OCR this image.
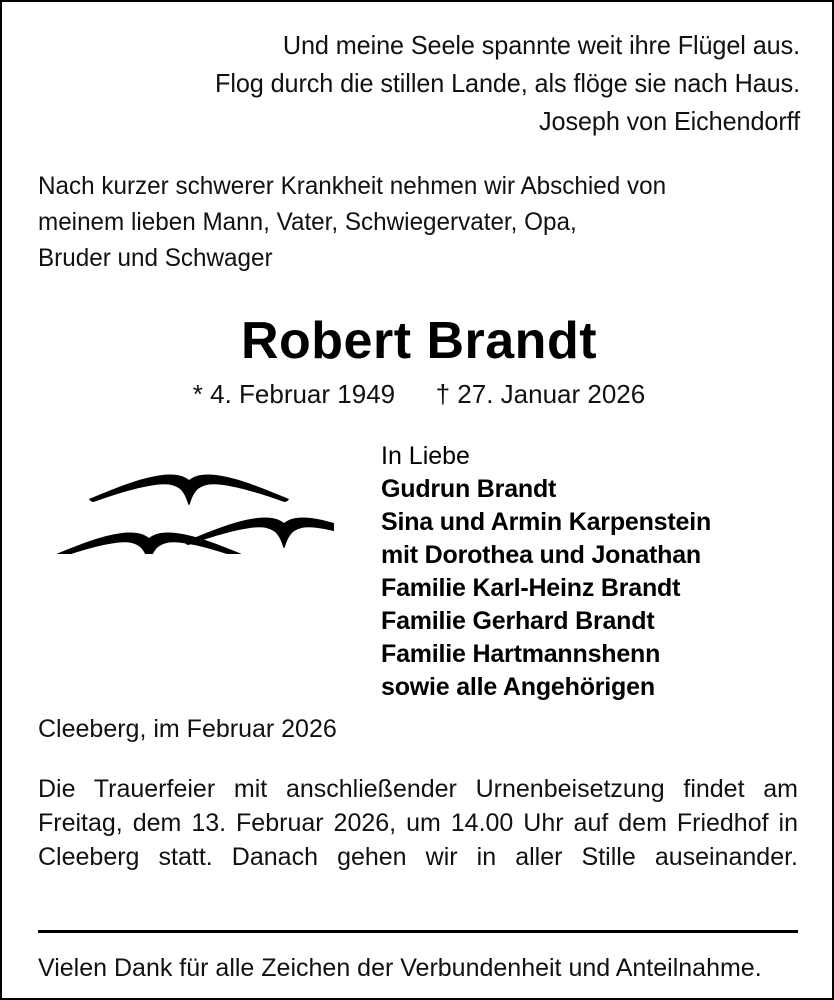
Und meine Seele spannte weit ihre Flügel aus.
Flog durch die stillen Lande, als flöge sie nach Haus.
Joseph von Eichendorff
Nach kurzer schwerer Krankheit nehmen wir Abschied von
meinem lieben Mann, Vater, Schwiegervater, Opa,
Bruder und Schwager
Robert Brandt
* 4. Februar 1949 † 27. Januar 2026
In Liebe
Gudrun Brandt
Sina und Armin Karpenstein
mit Dorothea und Jonathan
Familie Karl-Heinz Brandt
Familie Gerhard Brandt
Familie Hartmannshenn
sowie alle Angehörigen
Cleeberg, im Februar 2026
Die Trauerfeier mit anschließender Urnenbeisetzung findet am Freitag, dem 13. Februar 2026, um 14.00 Uhr auf dem Friedhof in Cleeberg statt. Danach gehen wir in aller Stille auseinander.
Vielen Dank für alle Zeichen der Verbundenheit und Anteilnahme.
